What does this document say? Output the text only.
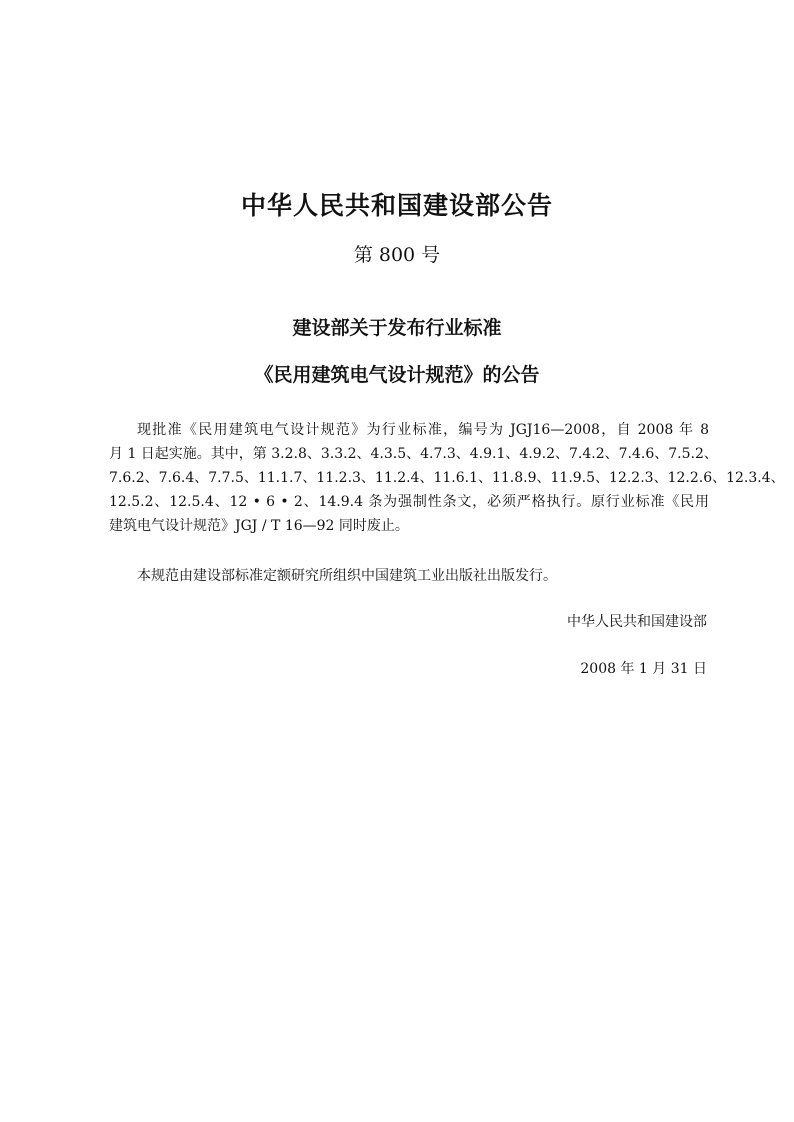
中华人民共和国建设部公告
第 800 号
建设部关于发布行业标准
《民用建筑电气设计规范》的公告
现批准《民用建筑电气设计规范》为行业标准，编号为 JGJ16—2008，自 2008 年 8
月 1 日起实施。其中，第 3.2.8、3.3.2、4.3.5、4.7.3、4.9.1、4.9.2、7.4.2、7.4.6、7.5.2、
7.6.2、7.6.4、7.7.5、11.1.7、11.2.3、11.2.4、11.6.1、11.8.9、11.9.5、12.2.3、12.2.6、12.3.4、
12.5.2、12.5.4、12 • 6 • 2、14.9.4 条为强制性条文，必须严格执行。原行业标准《民用
建筑电气设计规范》JGJ / T 16—92 同时废止。
本规范由建设部标准定额研究所组织中国建筑工业出版社出版发行。
中华人民共和国建设部
2008 年 1 月 31 日
